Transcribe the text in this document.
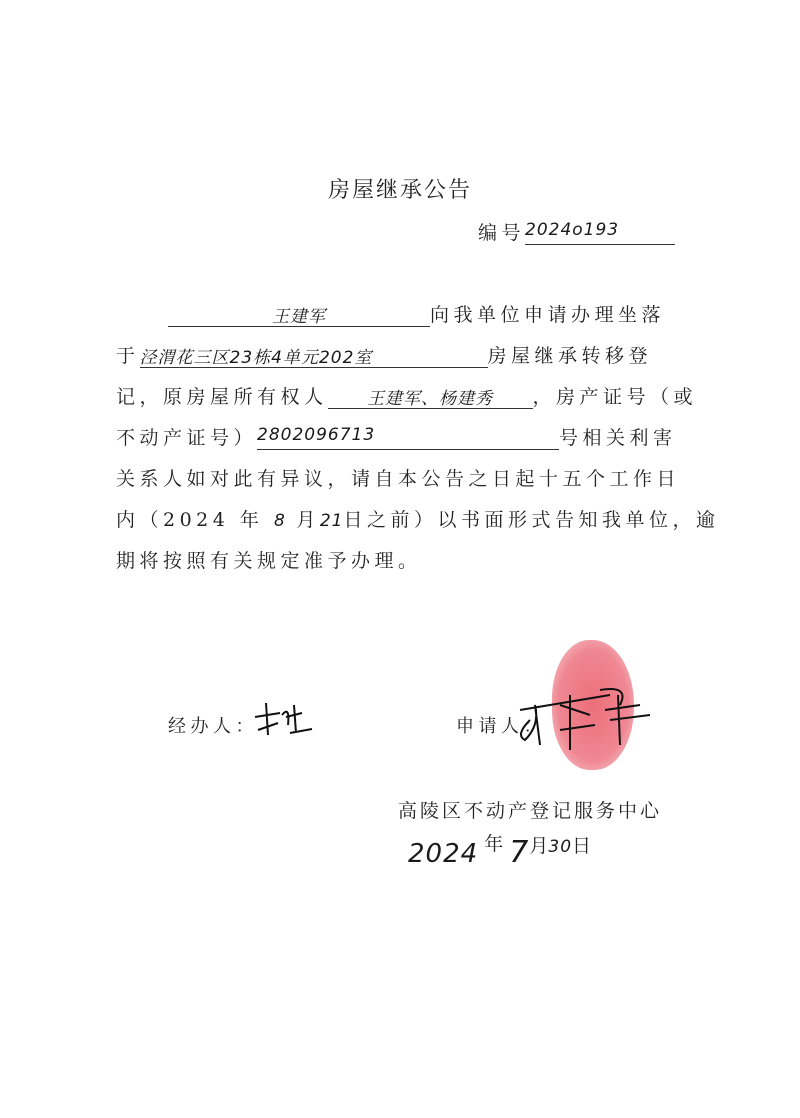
房屋继承公告
编号2024o193
王建军	向我单位申请办理坐落
于泾渭花三区23栋4单元202室	房屋继承转移登
记，原房屋所有权人 王建军、杨建秀 ，房产证号（或
不动产证号）2802096713	号相关利害
关系人如对此有异议，请自本公告之日起十五个工作日
内（2024 年 8 月21日之前）以书面形式告知我单位，逾
期将按照有关规定准予办理。
经办人：	申请人：
高陵区不动产登记服务中心
2024 年 7月30日
